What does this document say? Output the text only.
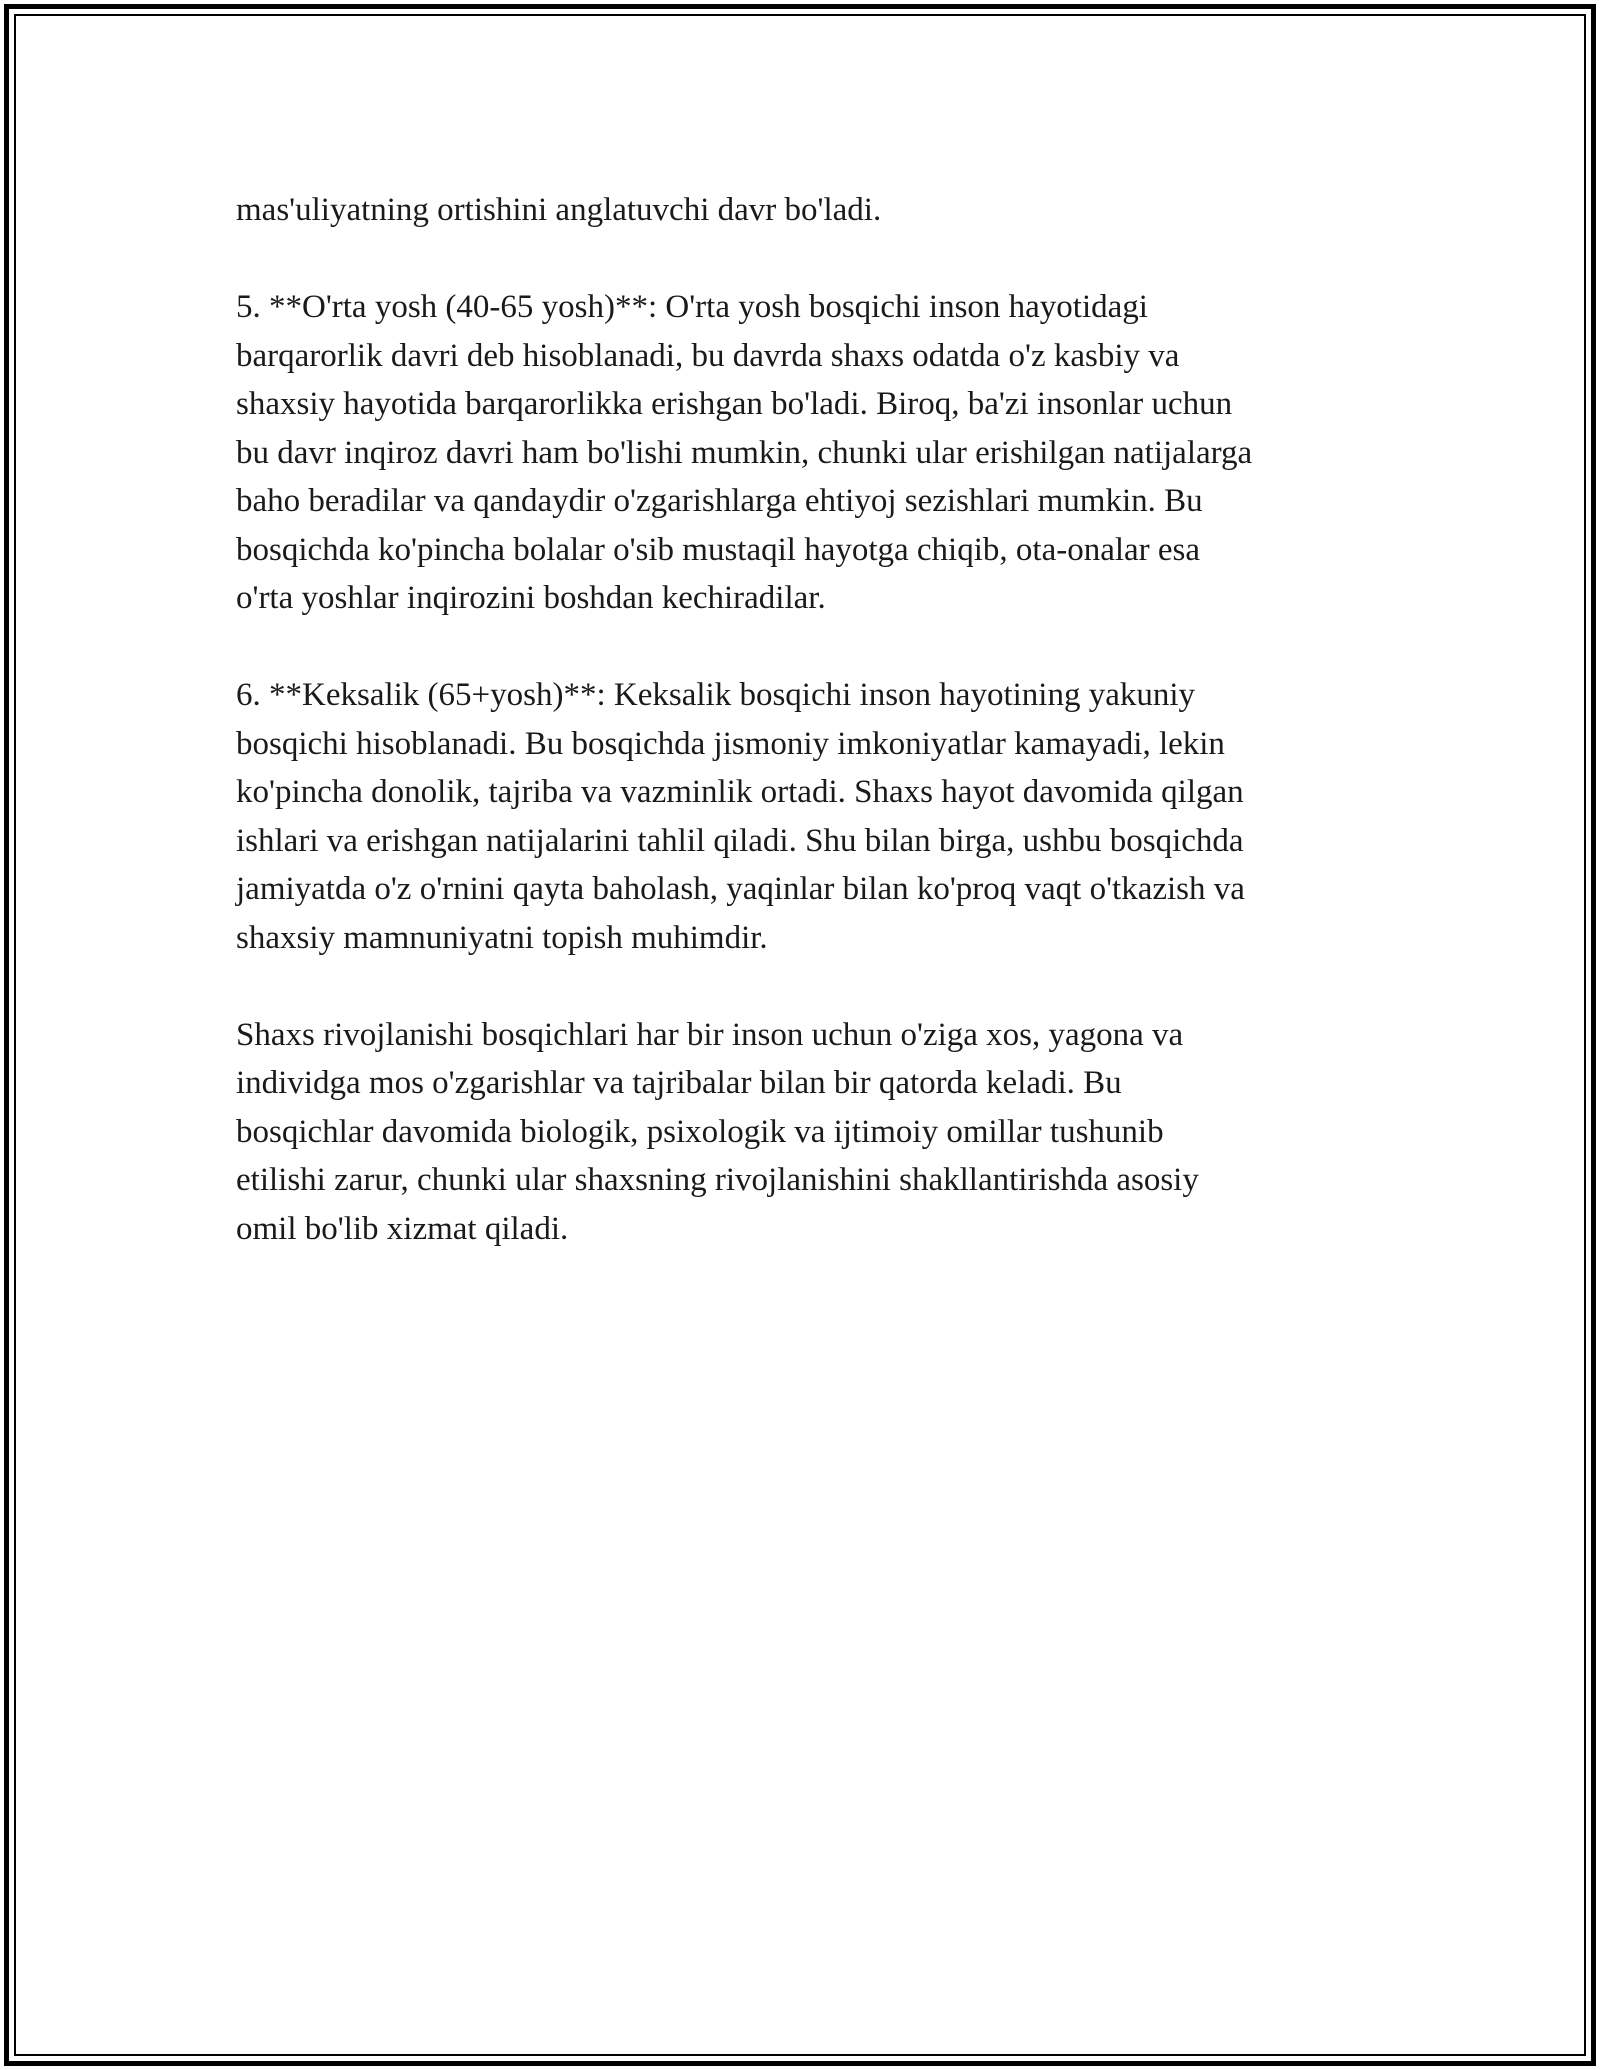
mas'uliyatning ortishini anglatuvchi davr bo'ladi.

5. **O'rta yosh (40-65 yosh)**: O'rta yosh bosqichi inson hayotidagi
barqarorlik davri deb hisoblanadi, bu davrda shaxs odatda o'z kasbiy va
shaxsiy hayotida barqarorlikka erishgan bo'ladi. Biroq, ba'zi insonlar uchun
bu davr inqiroz davri ham bo'lishi mumkin, chunki ular erishilgan natijalarga
baho beradilar va qandaydir o'zgarishlarga ehtiyoj sezishlari mumkin. Bu
bosqichda ko'pincha bolalar o'sib mustaqil hayotga chiqib, ota-onalar esa
o'rta yoshlar inqirozini boshdan kechiradilar.

6. **Keksalik (65+yosh)**: Keksalik bosqichi inson hayotining yakuniy
bosqichi hisoblanadi. Bu bosqichda jismoniy imkoniyatlar kamayadi, lekin
ko'pincha donolik, tajriba va vazminlik ortadi. Shaxs hayot davomida qilgan
ishlari va erishgan natijalarini tahlil qiladi. Shu bilan birga, ushbu bosqichda
jamiyatda o'z o'rnini qayta baholash, yaqinlar bilan ko'proq vaqt o'tkazish va
shaxsiy mamnuniyatni topish muhimdir.

Shaxs rivojlanishi bosqichlari har bir inson uchun o'ziga xos, yagona va
individga mos o'zgarishlar va tajribalar bilan bir qatorda keladi. Bu
bosqichlar davomida biologik, psixologik va ijtimoiy omillar tushunib
etilishi zarur, chunki ular shaxsning rivojlanishini shakllantirishda asosiy
omil bo'lib xizmat qiladi.
